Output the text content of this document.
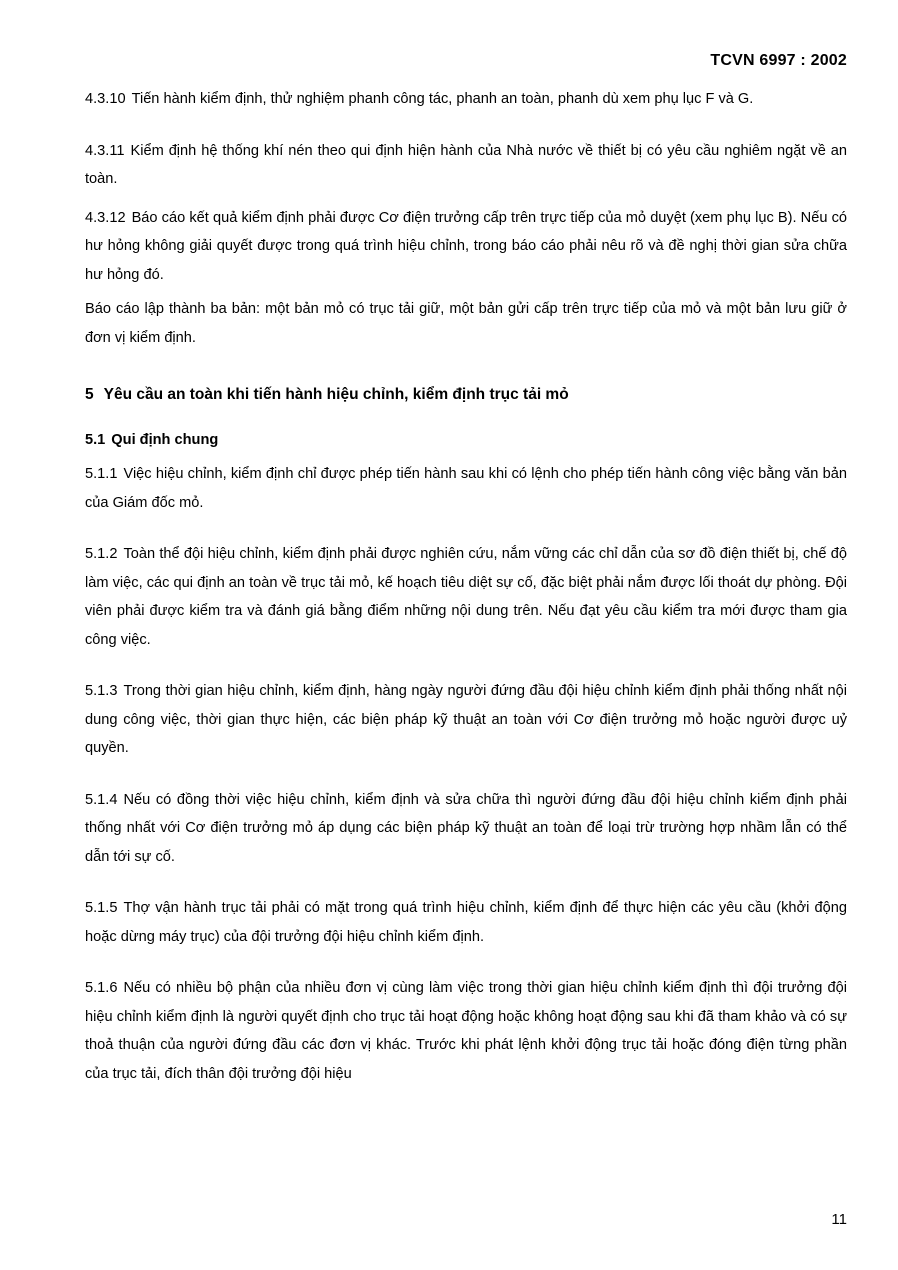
TCVN 6997 : 2002

4.3.10 Tiến hành kiểm định, thử nghiệm phanh công tác, phanh an toàn, phanh dù xem phụ lục F và G.

4.3.11 Kiểm định hệ thống khí nén theo qui định hiện hành của Nhà nước về thiết bị có yêu cầu nghiêm ngặt về an toàn.

4.3.12 Báo cáo kết quả kiểm định phải được Cơ điện trưởng cấp trên trực tiếp của mỏ duyệt (xem phụ lục B). Nếu có hư hỏng không giải quyết được trong quá trình hiệu chỉnh, trong báo cáo phải nêu rõ và đề nghị thời gian sửa chữa hư hỏng đó.

Báo cáo lập thành ba bản: một bản mỏ có trục tải giữ, một bản gửi cấp trên trực tiếp của mỏ và một bản lưu giữ ở đơn vị kiểm định.

5 Yêu cầu an toàn khi tiến hành hiệu chỉnh, kiểm định trục tải mỏ
5.1 Qui định chung

5.1.1 Việc hiệu chỉnh, kiểm định chỉ được phép tiến hành sau khi có lệnh cho phép tiến hành công việc bằng văn bản của Giám đốc mỏ.

5.1.2 Toàn thể đội hiệu chỉnh, kiểm định phải được nghiên cứu, nắm vững các chỉ dẫn của sơ đồ điện thiết bị, chế độ làm việc, các qui định an toàn về trục tải mỏ, kế hoạch tiêu diệt sự cố, đặc biệt phải nắm được lối thoát dự phòng. Đội viên phải được kiểm tra và đánh giá bằng điểm những nội dung trên. Nếu đạt yêu cầu kiểm tra mới được tham gia công việc.

5.1.3 Trong thời gian hiệu chỉnh, kiểm định, hàng ngày người đứng đầu đội hiệu chỉnh kiểm định phải thống nhất nội dung công việc, thời gian thực hiện, các biện pháp kỹ thuật an toàn với Cơ điện trưởng mỏ hoặc người được uỷ quyền.

5.1.4 Nếu có đồng thời việc hiệu chỉnh, kiểm định và sửa chữa thì người đứng đầu đội hiệu chỉnh kiểm định phải thống nhất với Cơ điện trưởng mỏ áp dụng các biện pháp kỹ thuật an toàn để loại trừ trường hợp nhầm lẫn có thể dẫn tới sự cố.

5.1.5 Thợ vận hành trục tải phải có mặt trong quá trình hiệu chỉnh, kiểm định để thực hiện các yêu cầu (khởi động hoặc dừng máy trục) của đội trưởng đội hiệu chỉnh kiểm định.

5.1.6 Nếu có nhiều bộ phận của nhiều đơn vị cùng làm việc trong thời gian hiệu chỉnh kiểm định thì đội trưởng đội hiệu chỉnh kiểm định là người quyết định cho trục tải hoạt động hoặc không hoạt động sau khi đã tham khảo và có sự thoả thuận của người đứng đầu các đơn vị khác. Trước khi phát lệnh khởi động trục tải hoặc đóng điện từng phần của trục tải, đích thân đội trưởng đội hiệu

11
